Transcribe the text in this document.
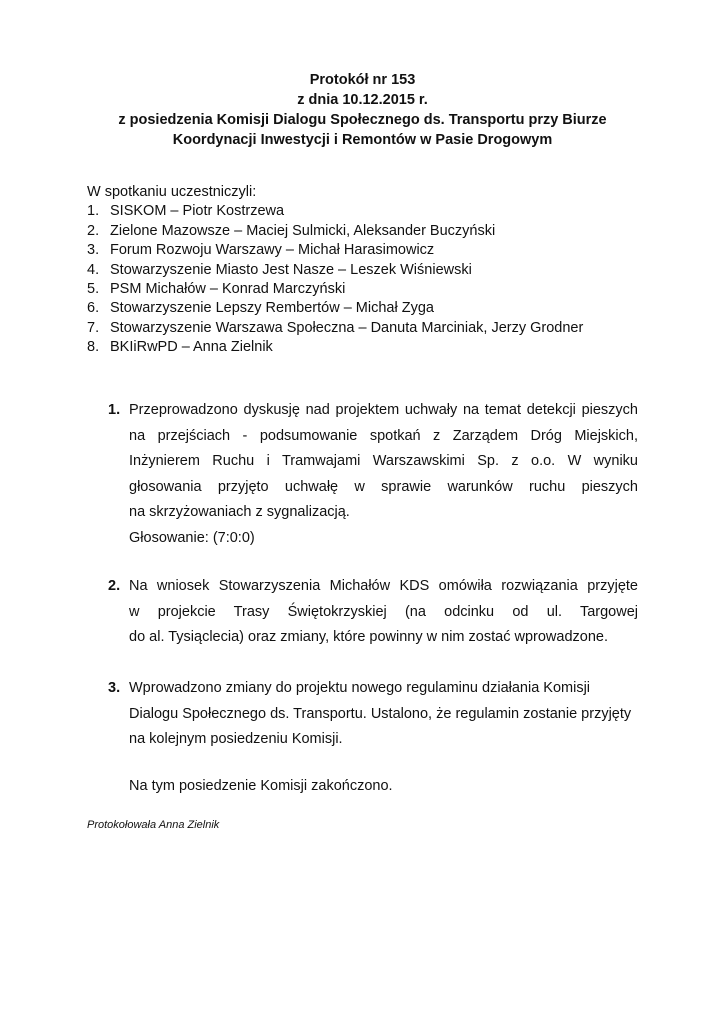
Protokół nr 153
z dnia 10.12.2015 r.
z posiedzenia Komisji Dialogu Społecznego ds. Transportu przy Biurze
Koordynacji Inwestycji i Remontów w Pasie Drogowym
W spotkaniu uczestniczyli:
1. SISKOM – Piotr Kostrzewa
2. Zielone Mazowsze – Maciej Sulmicki, Aleksander Buczyński
3. Forum Rozwoju Warszawy – Michał Harasimowicz
4. Stowarzyszenie Miasto Jest Nasze – Leszek Wiśniewski
5. PSM Michałów – Konrad Marczyński
6. Stowarzyszenie Lepszy Rembertów – Michał Zyga
7. Stowarzyszenie Warszawa Społeczna – Danuta Marciniak, Jerzy Grodner
8. BKIiRwPD – Anna Zielnik

1. Przeprowadzono dyskusję nad projektem uchwały na temat detekcji pieszych

na przejściach - podsumowanie spotkań z Zarządem Dróg Miejskich,

Inżynierem Ruchu i Tramwajami Warszawskimi Sp. z o.o. W wyniku

głosowania przyjęto uchwałę w sprawie warunków ruchu pieszych

na skrzyżowaniach z sygnalizacją.

Głosowanie: (7:0:0)

2. Na wniosek Stowarzyszenia Michałów KDS omówiła rozwiązania przyjęte

w projekcie Trasy Świętokrzyskiej (na odcinku od ul. Targowej

do al. Tysiąclecia) oraz zmiany, które powinny w nim zostać wprowadzone.

3. Wprowadzono zmiany do projektu nowego regulaminu działania Komisji

Dialogu Społecznego ds. Transportu. Ustalono, że regulamin zostanie przyjęty

na kolejnym posiedzeniu Komisji.

Na tym posiedzenie Komisji zakończono.
Protokołowała Anna Zielnik
